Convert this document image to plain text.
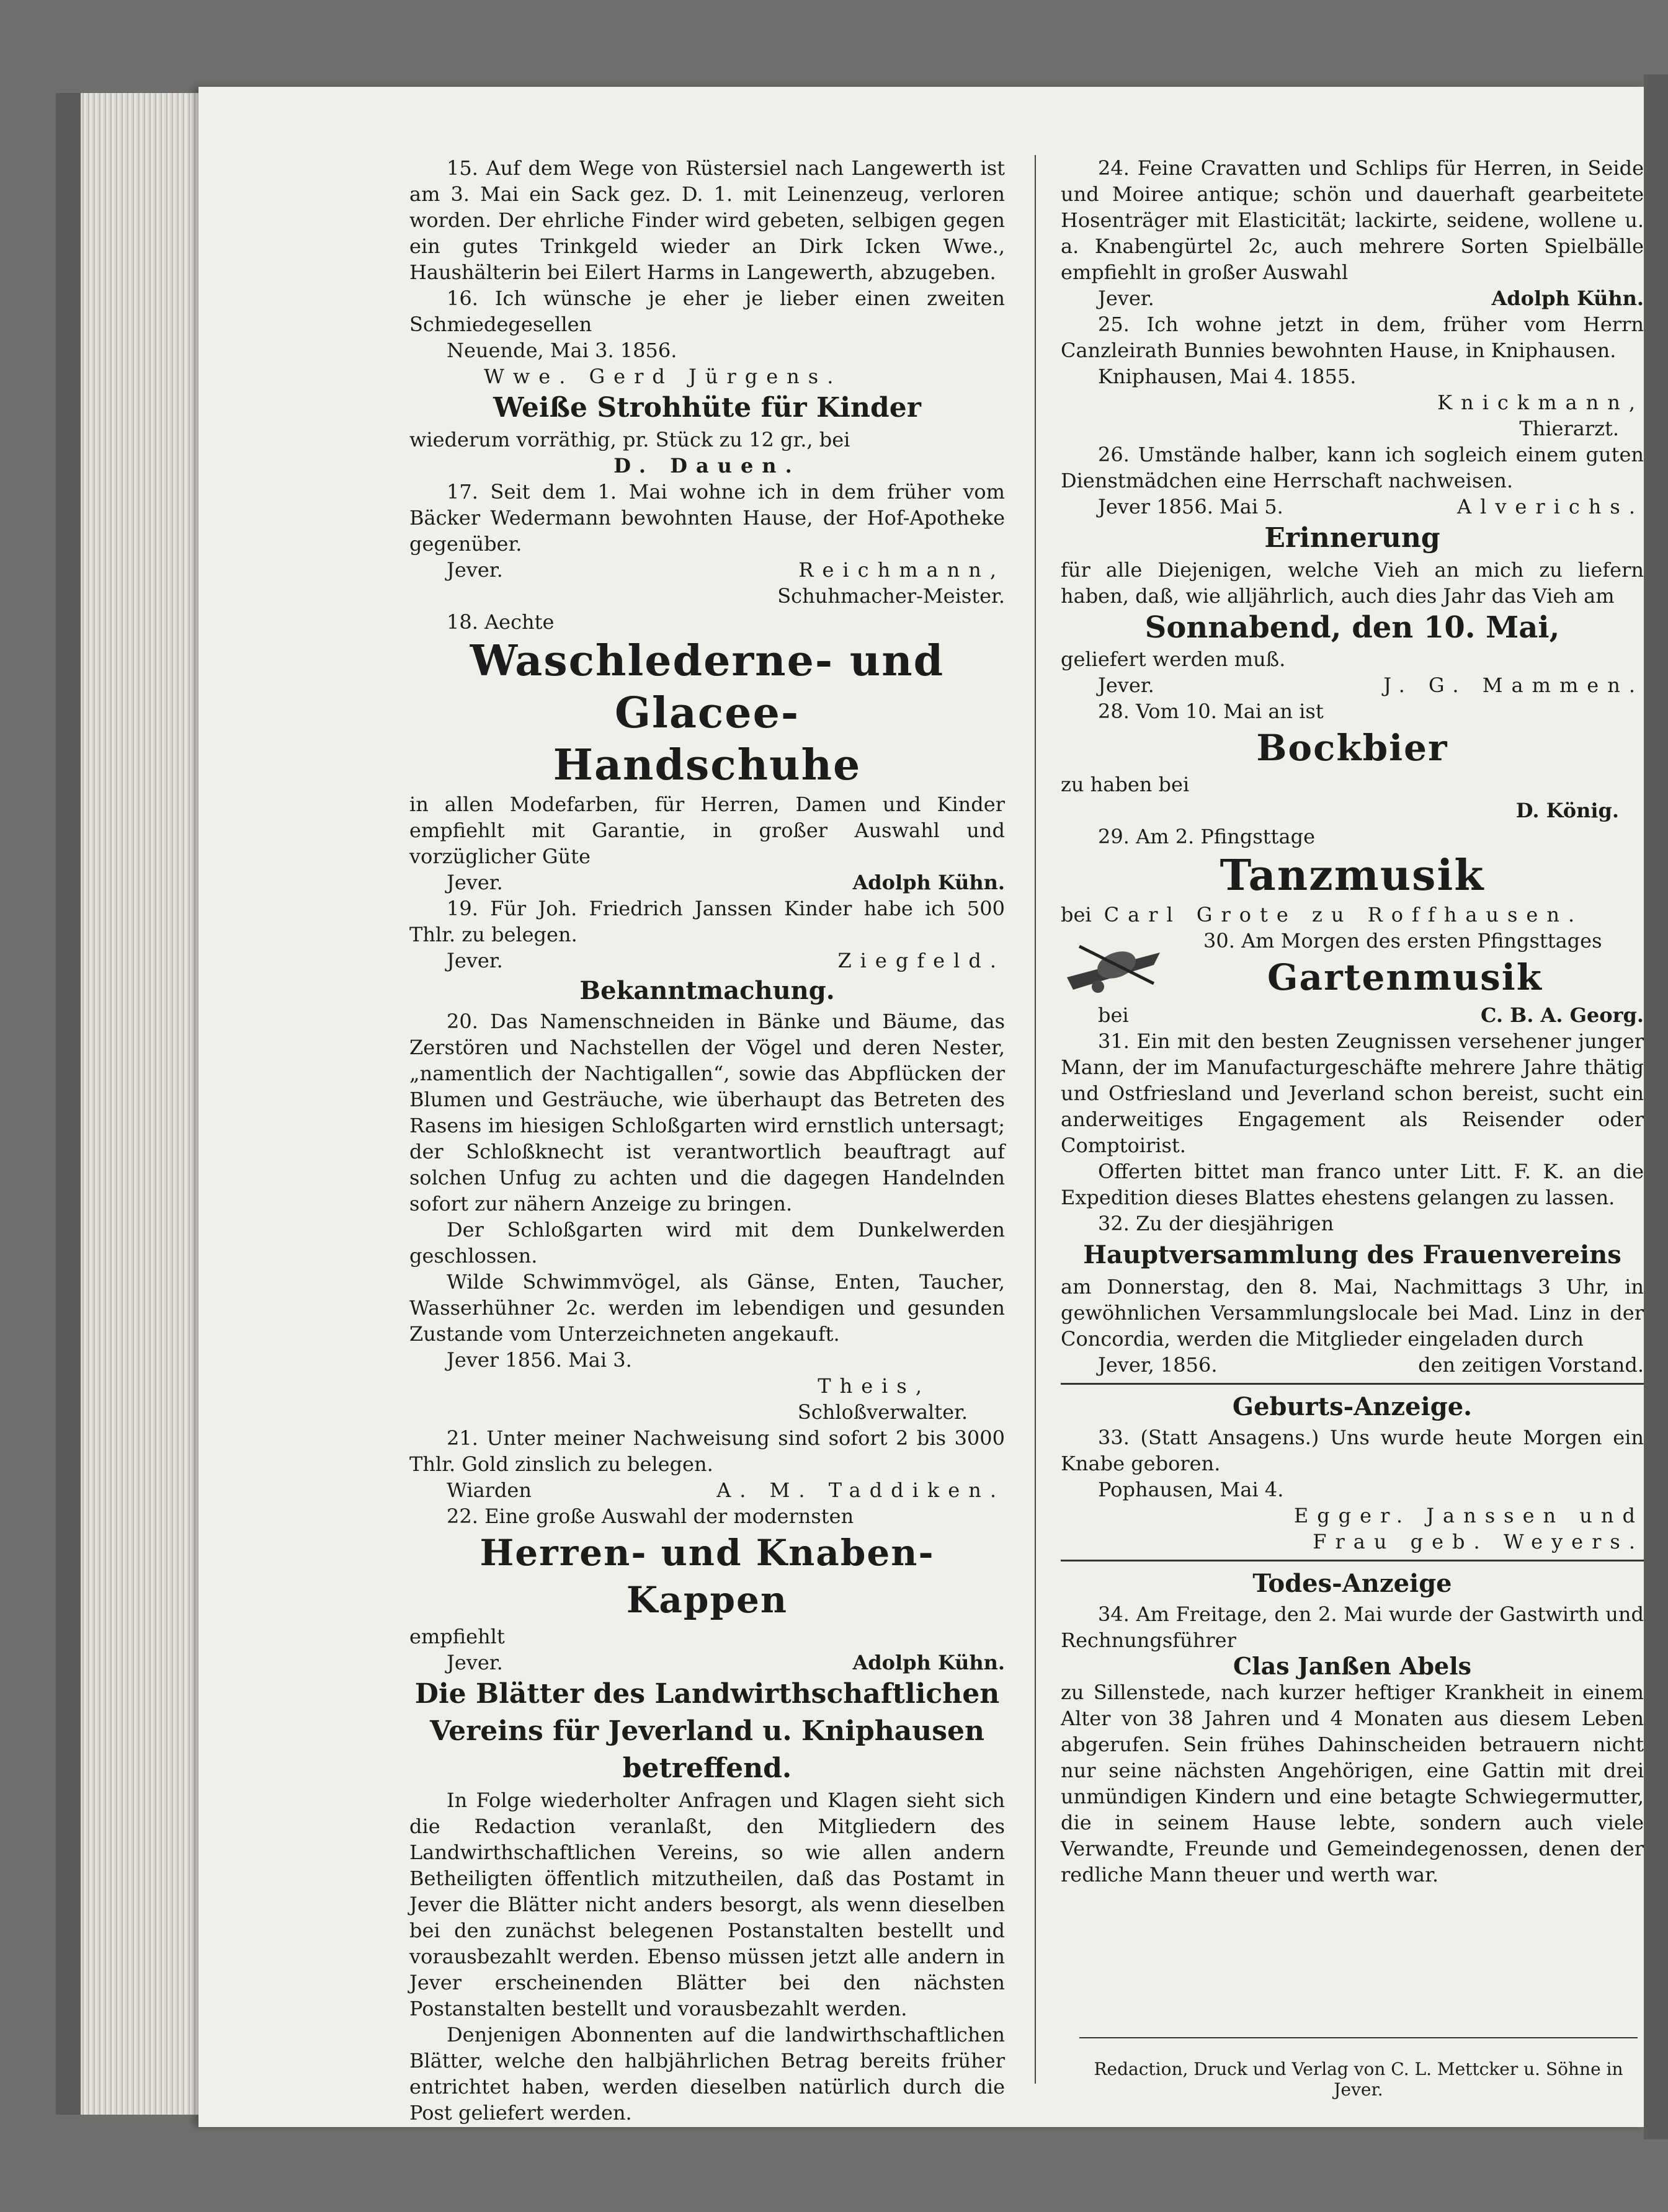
15. Auf dem Wege von Rüstersiel nach Langewerth ist am 3. Mai ein Sack gez. D. 1. mit Leinenzeug, verloren worden. Der ehrliche Finder wird gebeten, selbigen gegen ein gutes Trinkgeld wieder an Dirk Icken Wwe., Haushälterin bei Eilert Harms in Langewerth, abzugeben.

16. Ich wünsche je eher je lieber einen zweiten Schmiedegesellen

Neuende, Mai 3. 1856.
Wwe. Gerd Jürgens.
Weiße Strohhüte für Kinder

wiederum vorräthig, pr. Stück zu 12 gr., bei

D. Dauen.

17. Seit dem 1. Mai wohne ich in dem früher vom Bäcker Wedermann bewohnten Hause, der Hof-Apotheke gegenüber.

Jever.	Reichmann,
Schuhmacher-Meister.
18. Aechte
Waschlederne- und Glacee-
Handschuhe

in allen Modefarben, für Herren, Damen und Kinder empfiehlt mit Garantie, in großer Auswahl und vorzüglicher Güte

Jever.	Adolph Kühn.

19. Für Joh. Friedrich Janssen Kinder habe ich 500 Thlr. zu belegen.

Jever.	Ziegfeld.
Bekanntmachung.

20. Das Namenschneiden in Bänke und Bäume, das Zerstören und Nachstellen der Vögel und deren Nester, „namentlich der Nachtigallen“, sowie das Abpflücken der Blumen und Gesträuche, wie überhaupt das Betreten des Rasens im hiesigen Schloßgarten wird ernstlich untersagt; der Schloßknecht ist verantwortlich beauftragt auf solchen Unfug zu achten und die dagegen Handelnden sofort zur nähern Anzeige zu bringen.

Der Schloßgarten wird mit dem Dunkelwerden geschlossen.

Wilde Schwimmvögel, als Gänse, Enten, Taucher, Wasserhühner 2c. werden im lebendigen und gesunden Zustande vom Unterzeichneten angekauft.

Jever 1856. Mai 3.
Theis,
Schloßverwalter.

21. Unter meiner Nachweisung sind sofort 2 bis 3000 Thlr. Gold zinslich zu belegen.

Wiarden	A. M. Taddiken.

22. Eine große Auswahl der modernsten

Herren- und Knaben-Kappen
empfiehlt
Jever.	Adolph Kühn.
Die Blätter des Landwirthschaftlichen
Vereins für Jeverland u. Kniphausen
betreffend.

In Folge wiederholter Anfragen und Klagen sieht sich die Redaction veranlaßt, den Mitgliedern des Landwirthschaftlichen Vereins, so wie allen andern Betheiligten öffentlich mitzutheilen, daß das Postamt in Jever die Blätter nicht anders besorgt, als wenn dieselben bei den zunächst belegenen Postanstalten bestellt und vorausbezahlt werden. Ebenso müssen jetzt alle andern in Jever erscheinenden Blätter bei den nächsten Postanstalten bestellt und vorausbezahlt werden.

Denjenigen Abonnenten auf die landwirthschaftlichen Blätter, welche den halbjährlichen Betrag bereits früher entrichtet haben, werden dieselben natürlich durch die Post geliefert werden.

24. Feine Cravatten und Schlips für Herren, in Seide und Moiree antique; schön und dauerhaft gearbeitete Hosenträger mit Elasticität; lackirte, seidene, wollene u. a. Knabengürtel 2c, auch mehrere Sorten Spielbälle empfiehlt in großer Auswahl

Jever.	Adolph Kühn.

25. Ich wohne jetzt in dem, früher vom Herrn Canzleirath Bunnies bewohnten Hause, in Kniphausen.

Kniphausen, Mai 4. 1855.
Knickmann,
Thierarzt.

26. Umstände halber, kann ich sogleich einem guten Dienstmädchen eine Herrschaft nachweisen.

Jever 1856. Mai 5.	Alverichs.
Erinnerung

für alle Diejenigen, welche Vieh an mich zu liefern haben, daß, wie alljährlich, auch dies Jahr das Vieh am

Sonnabend, den 10. Mai,
geliefert werden muß.
Jever.	J. G. Mammen.
28. Vom 10. Mai an ist
Bockbier
zu haben bei
D. König.
29. Am 2. Pfingsttage
Tanzmusik
bei Carl Grote zu Roffhausen.
30. Am Morgen des ersten Pfingsttages
Gartenmusik
bei	C. B. A. Georg.

31. Ein mit den besten Zeugnissen versehener junger Mann, der im Manufacturgeschäfte mehrere Jahre thätig und Ostfriesland und Jeverland schon bereist, sucht ein anderweitiges Engagement als Reisender oder Comptoirist.

Offerten bittet man franco unter Litt. F. K. an die Expedition dieses Blattes ehestens gelangen zu lassen.

32. Zu der diesjährigen
Hauptversammlung des Frauenvereins

am Donnerstag, den 8. Mai, Nachmittags 3 Uhr, in gewöhnlichen Versammlungslocale bei Mad. Linz in der Concordia, werden die Mitglieder eingeladen durch

Jever, 1856.	den zeitigen Vorstand.
Geburts-Anzeige.

33. (Statt Ansagens.) Uns wurde heute Morgen ein Knabe geboren.

Pophausen, Mai 4.
Egger. Janssen und
Frau geb. Weyers.
Todes-Anzeige

34. Am Freitage, den 2. Mai wurde der Gastwirth und Rechnungsführer

Clas Janßen Abels

zu Sillenstede, nach kurzer heftiger Krankheit in einem Alter von 38 Jahren und 4 Monaten aus diesem Leben abgerufen. Sein frühes Dahinscheiden betrauern nicht nur seine nächsten Angehörigen, eine Gattin mit drei unmündigen Kindern und eine betagte Schwiegermutter, die in seinem Hause lebte, sondern auch viele Verwandte, Freunde und Gemeindegenossen, denen der redliche Mann theuer und werth war.

Redaction, Druck und Verlag von C. L. Mettcker u. Söhne in Jever.
